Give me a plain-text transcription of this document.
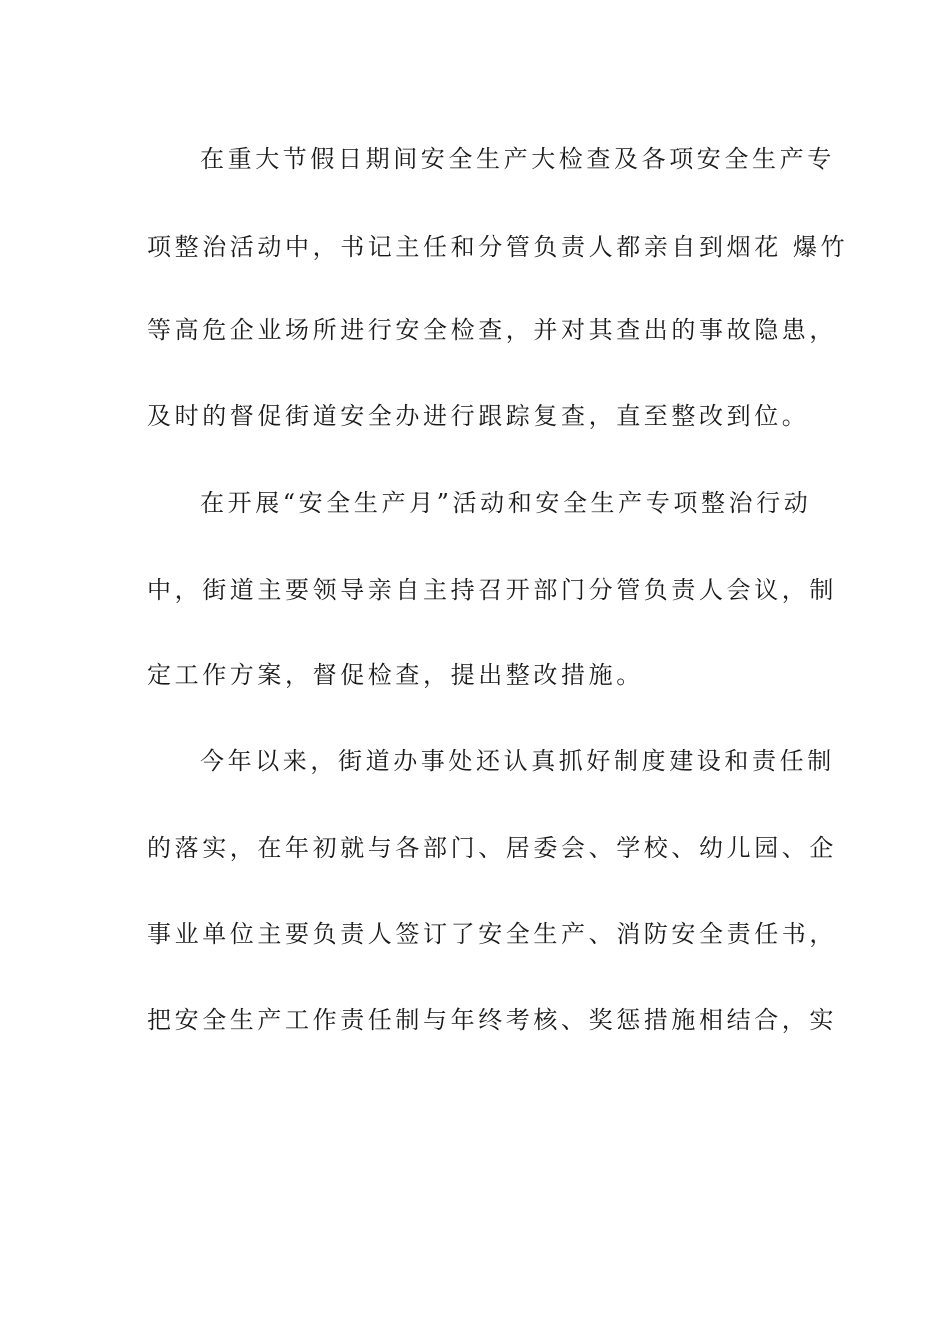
在重大节假日期间安全生产大检查及各项安全生产专
项整治活动中，书记主任和分管负责人都亲自到烟花 爆竹
等高危企业场所进行安全检查，并对其查出的事故隐患，
及时的督促街道安全办进行跟踪复查，直至整改到位。
在开展“安全生产月”活动和安全生产专项整治行动
中，街道主要领导亲自主持召开部门分管负责人会议，制
定工作方案，督促检查，提出整改措施。
今年以来，街道办事处还认真抓好制度建设和责任制
的落实，在年初就与各部门、居委会、学校、幼儿园、企
事业单位主要负责人签订了安全生产、消防安全责任书，
把安全生产工作责任制与年终考核、奖惩措施相结合，实
